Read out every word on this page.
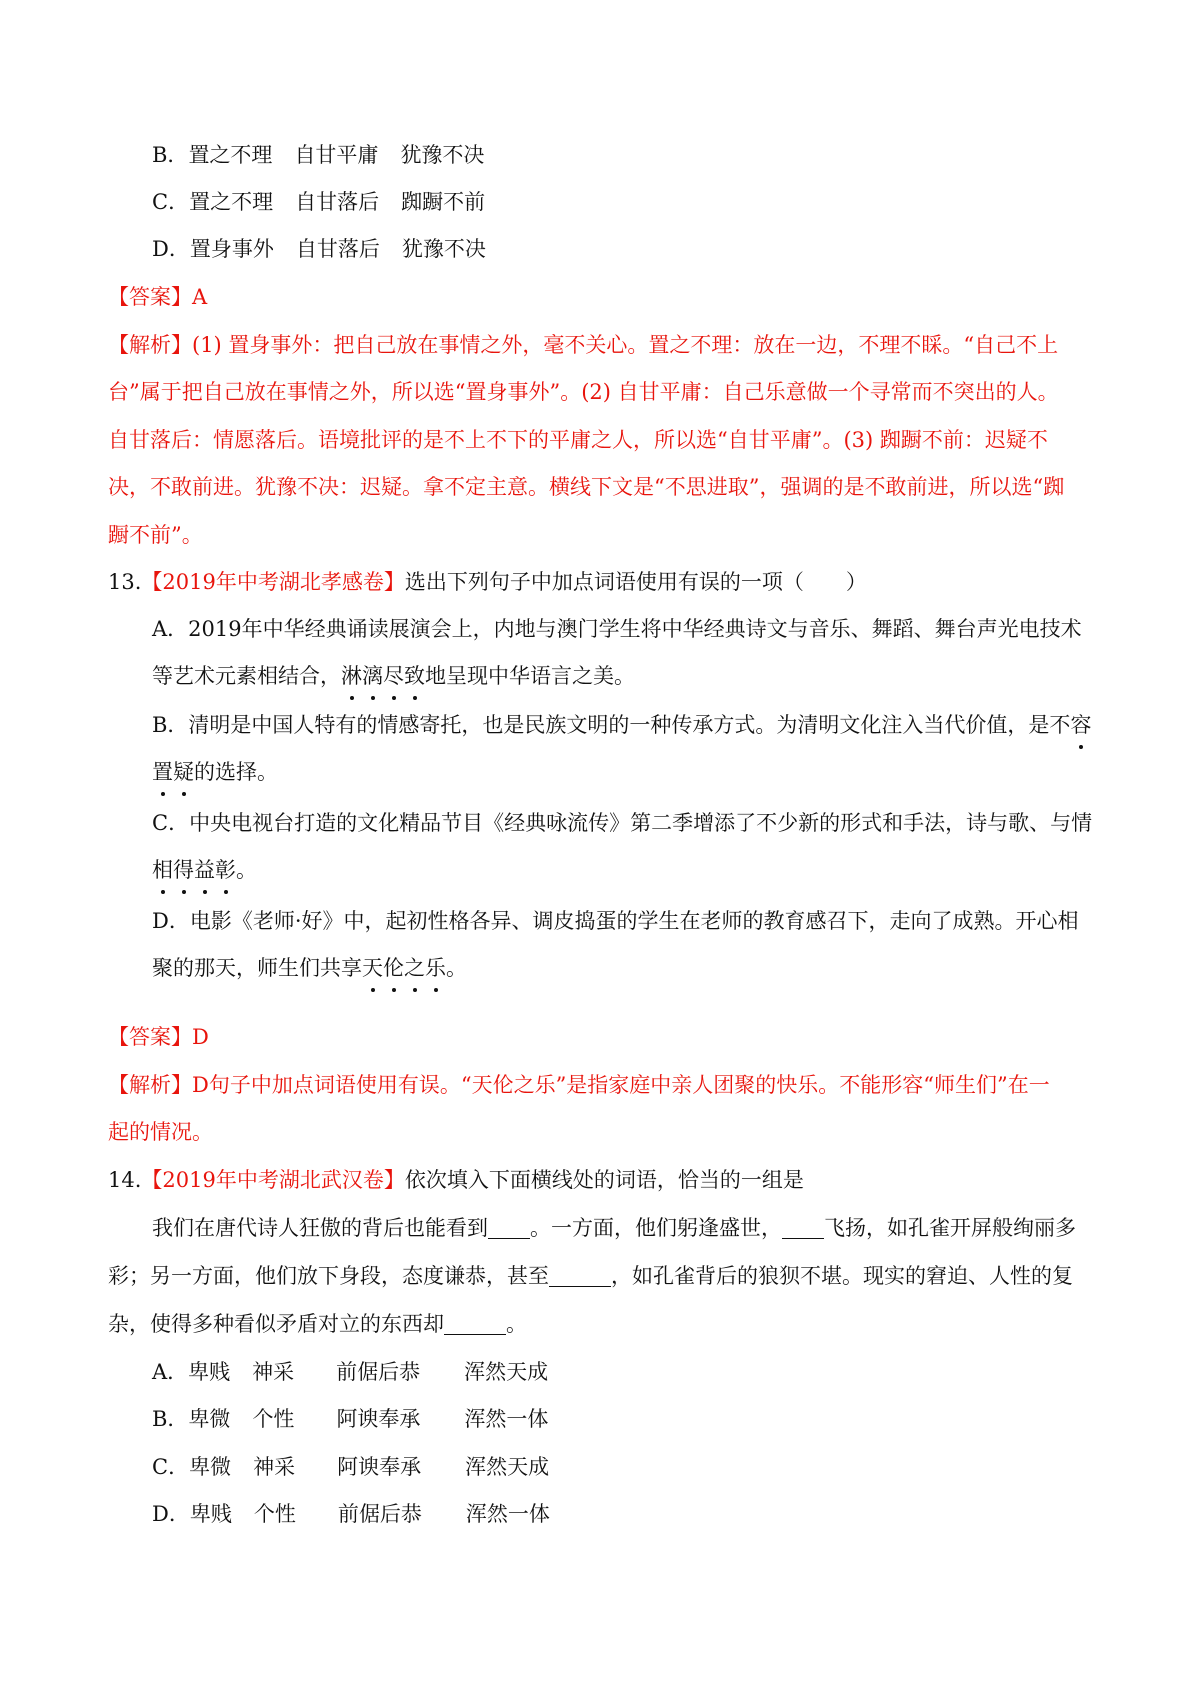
B．置之不理 自甘平庸 犹豫不决
C．置之不理 自甘落后 踟蹰不前
D．置身事外 自甘落后 犹豫不决
【答案】A
【解析】(1) 置身事外：把自己放在事情之外，毫不关心。置之不理：放在一边，不理不睬。“自己不上
台”属于把自己放在事情之外，所以选“置身事外”。(2) 自甘平庸：自己乐意做一个寻常而不突出的人。
自甘落后：情愿落后。语境批评的是不上不下的平庸之人，所以选“自甘平庸”。(3) 踟蹰不前：迟疑不
决，不敢前进。犹豫不决：迟疑。拿不定主意。横线下文是“不思进取”，强调的是不敢前进，所以选“踟
蹰不前”。
13.【2019年中考湖北孝感卷】选出下列句子中加点词语使用有误的一项（　　）
A．2019年中华经典诵读展演会上，内地与澳门学生将中华经典诗文与音乐、舞蹈、舞台声光电技术
等艺术元素相结合，淋漓尽致地呈现中华语言之美。
B．清明是中国人特有的情感寄托，也是民族文明的一种传承方式。为清明文化注入当代价值，是不容
置疑的选择。
C．中央电视台打造的文化精品节目《经典咏流传》第二季增添了不少新的形式和手法，诗与歌、与情
相得益彰。
D．电影《老师·好》中，起初性格各异、调皮捣蛋的学生在老师的教育感召下，走向了成熟。开心相
聚的那天，师生们共享天伦之乐。
【答案】D
【解析】D句子中加点词语使用有误。“天伦之乐”是指家庭中亲人团聚的快乐。不能形容“师生们”在一
起的情况。
14.【2019年中考湖北武汉卷】依次填入下面横线处的词语，恰当的一组是
我们在唐代诗人狂傲的背后也能看到 。一方面，他们躬逢盛世， 飞扬，如孔雀开屏般绚丽多
彩；另一方面，他们放下身段，态度谦恭，甚至	，如孔雀背后的狼狈不堪。现实的窘迫、人性的复
杂，使得多种看似矛盾对立的东西却	。
A．卑贱 神采 前倨后恭 浑然天成
B．卑微 个性 阿谀奉承 浑然一体
C．卑微 神采 阿谀奉承 浑然天成
D．卑贱 个性 前倨后恭 浑然一体
